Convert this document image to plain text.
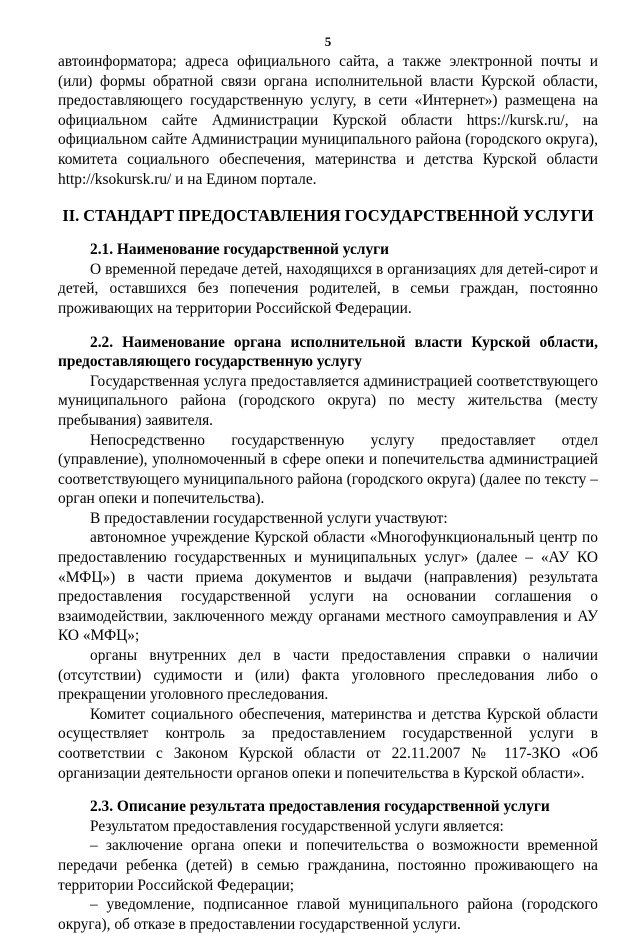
5

автоинформатора; адреса официального сайта, а также электронной почты и (или) формы обратной связи органа исполнительной власти Курской области, предоставляющего государственную услугу, в сети «Интернет») размещена на официальном сайте Администрации Курской области https://kursk.ru/, на официальном сайте Администрации муниципального района (городского округа), комитета социального обеспечения, материнства и детства Курской области http://ksokursk.ru/ и на Едином портале.

II. СТАНДАРТ ПРЕДОСТАВЛЕНИЯ ГОСУДАРСТВЕННОЙ УСЛУГИ

2.1. Наименование государственной услуги

О временной передаче детей, находящихся в организациях для детей-сирот и детей, оставшихся без попечения родителей, в семьи граждан, постоянно проживающих на территории Российской Федерации.

2.2. Наименование органа исполнительной власти Курской области, предоставляющего государственную услугу

Государственная услуга предоставляется администрацией соответствующего муниципального района (городского округа) по месту жительства (месту пребывания) заявителя.

Непосредственно государственную услугу предоставляет отдел (управление), уполномоченный в сфере опеки и попечительства администрацией соответствующего муниципального района (городского округа) (далее по тексту – орган опеки и попечительства).

В предоставлении государственной услуги участвуют:

автономное учреждение Курской области «Многофункциональный центр по предоставлению государственных и муниципальных услуг» (далее – «АУ КО «МФЦ») в части приема документов и выдачи (направления) результата предоставления государственной услуги на основании соглашения о взаимодействии, заключенного между органами местного самоуправления и АУ КО «МФЦ»;

органы внутренних дел в части предоставления справки о наличии (отсутствии) судимости и (или) факта уголовного преследования либо о прекращении уголовного преследования.

Комитет социального обеспечения, материнства и детства Курской области осуществляет контроль за предоставлением государственной услуги в соответствии с Законом Курской области от 22.11.2007 № 117-ЗКО «Об организации деятельности органов опеки и попечительства в Курской области».

2.3. Описание результата предоставления государственной услуги

Результатом предоставления государственной услуги является:

– заключение органа опеки и попечительства о возможности временной передачи ребенка (детей) в семью гражданина, постоянно проживающего на территории Российской Федерации;

– уведомление, подписанное главой муниципального района (городского округа), об отказе в предоставлении государственной услуги.
